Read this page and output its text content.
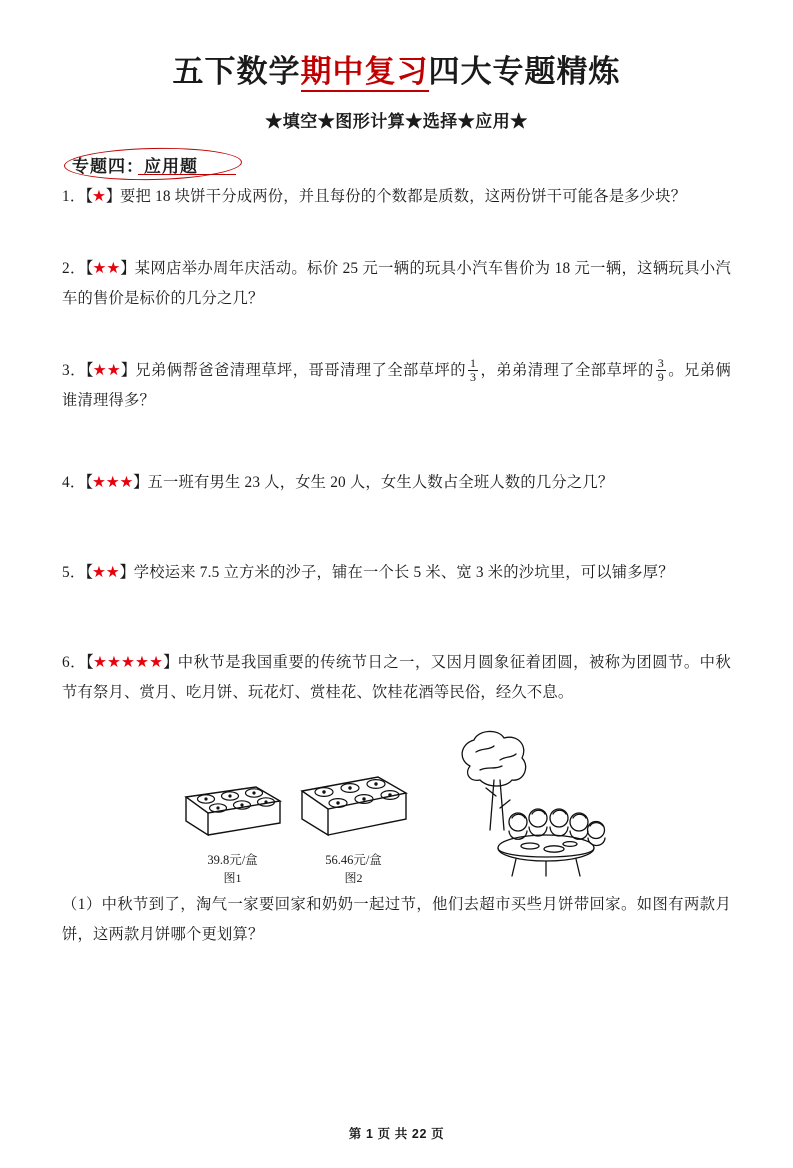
五下数学期中复习四大专题精炼
★填空★图形计算★选择★应用★
专题四：应用题
1．【★】要把 18 块饼干分成两份，并且每份的个数都是质数，这两份饼干可能各是多少块？
2．【★★】某网店举办周年庆活动。标价 25 元一辆的玩具小汽车售价为 18 元一辆，这辆玩具小汽车的售价是标价的几分之几？
3．【★★】兄弟俩帮爸爸清理草坪，哥哥清理了全部草坪的 $\frac{1}{3}$ ，弟弟清理了全部草坪的 $\frac{3}{9}$ 。兄弟俩谁清理得多？
4．【★★★】五一班有男生 23 人，女生 20 人，女生人数占全班人数的几分之几？
5．【★★】学校运来 7.5 立方米的沙子，铺在一个长 5 米、宽 3 米的沙坑里，可以铺多厚？
6．【★★★★★】中秋节是我国重要的传统节日之一，又因月圆象征着团圆，被称为团圆节。中秋节有祭月、赏月、吃月饼、玩花灯、赏桂花、饮桂花酒等民俗，经久不息。
39.8元/盒
图1
56.46元/盒
图2
（1）中秋节到了，淘气一家要回家和奶奶一起过节，他们去超市买些月饼带回家。如图有两款月饼，这两款月饼哪个更划算？
第 1 页 共 22 页
